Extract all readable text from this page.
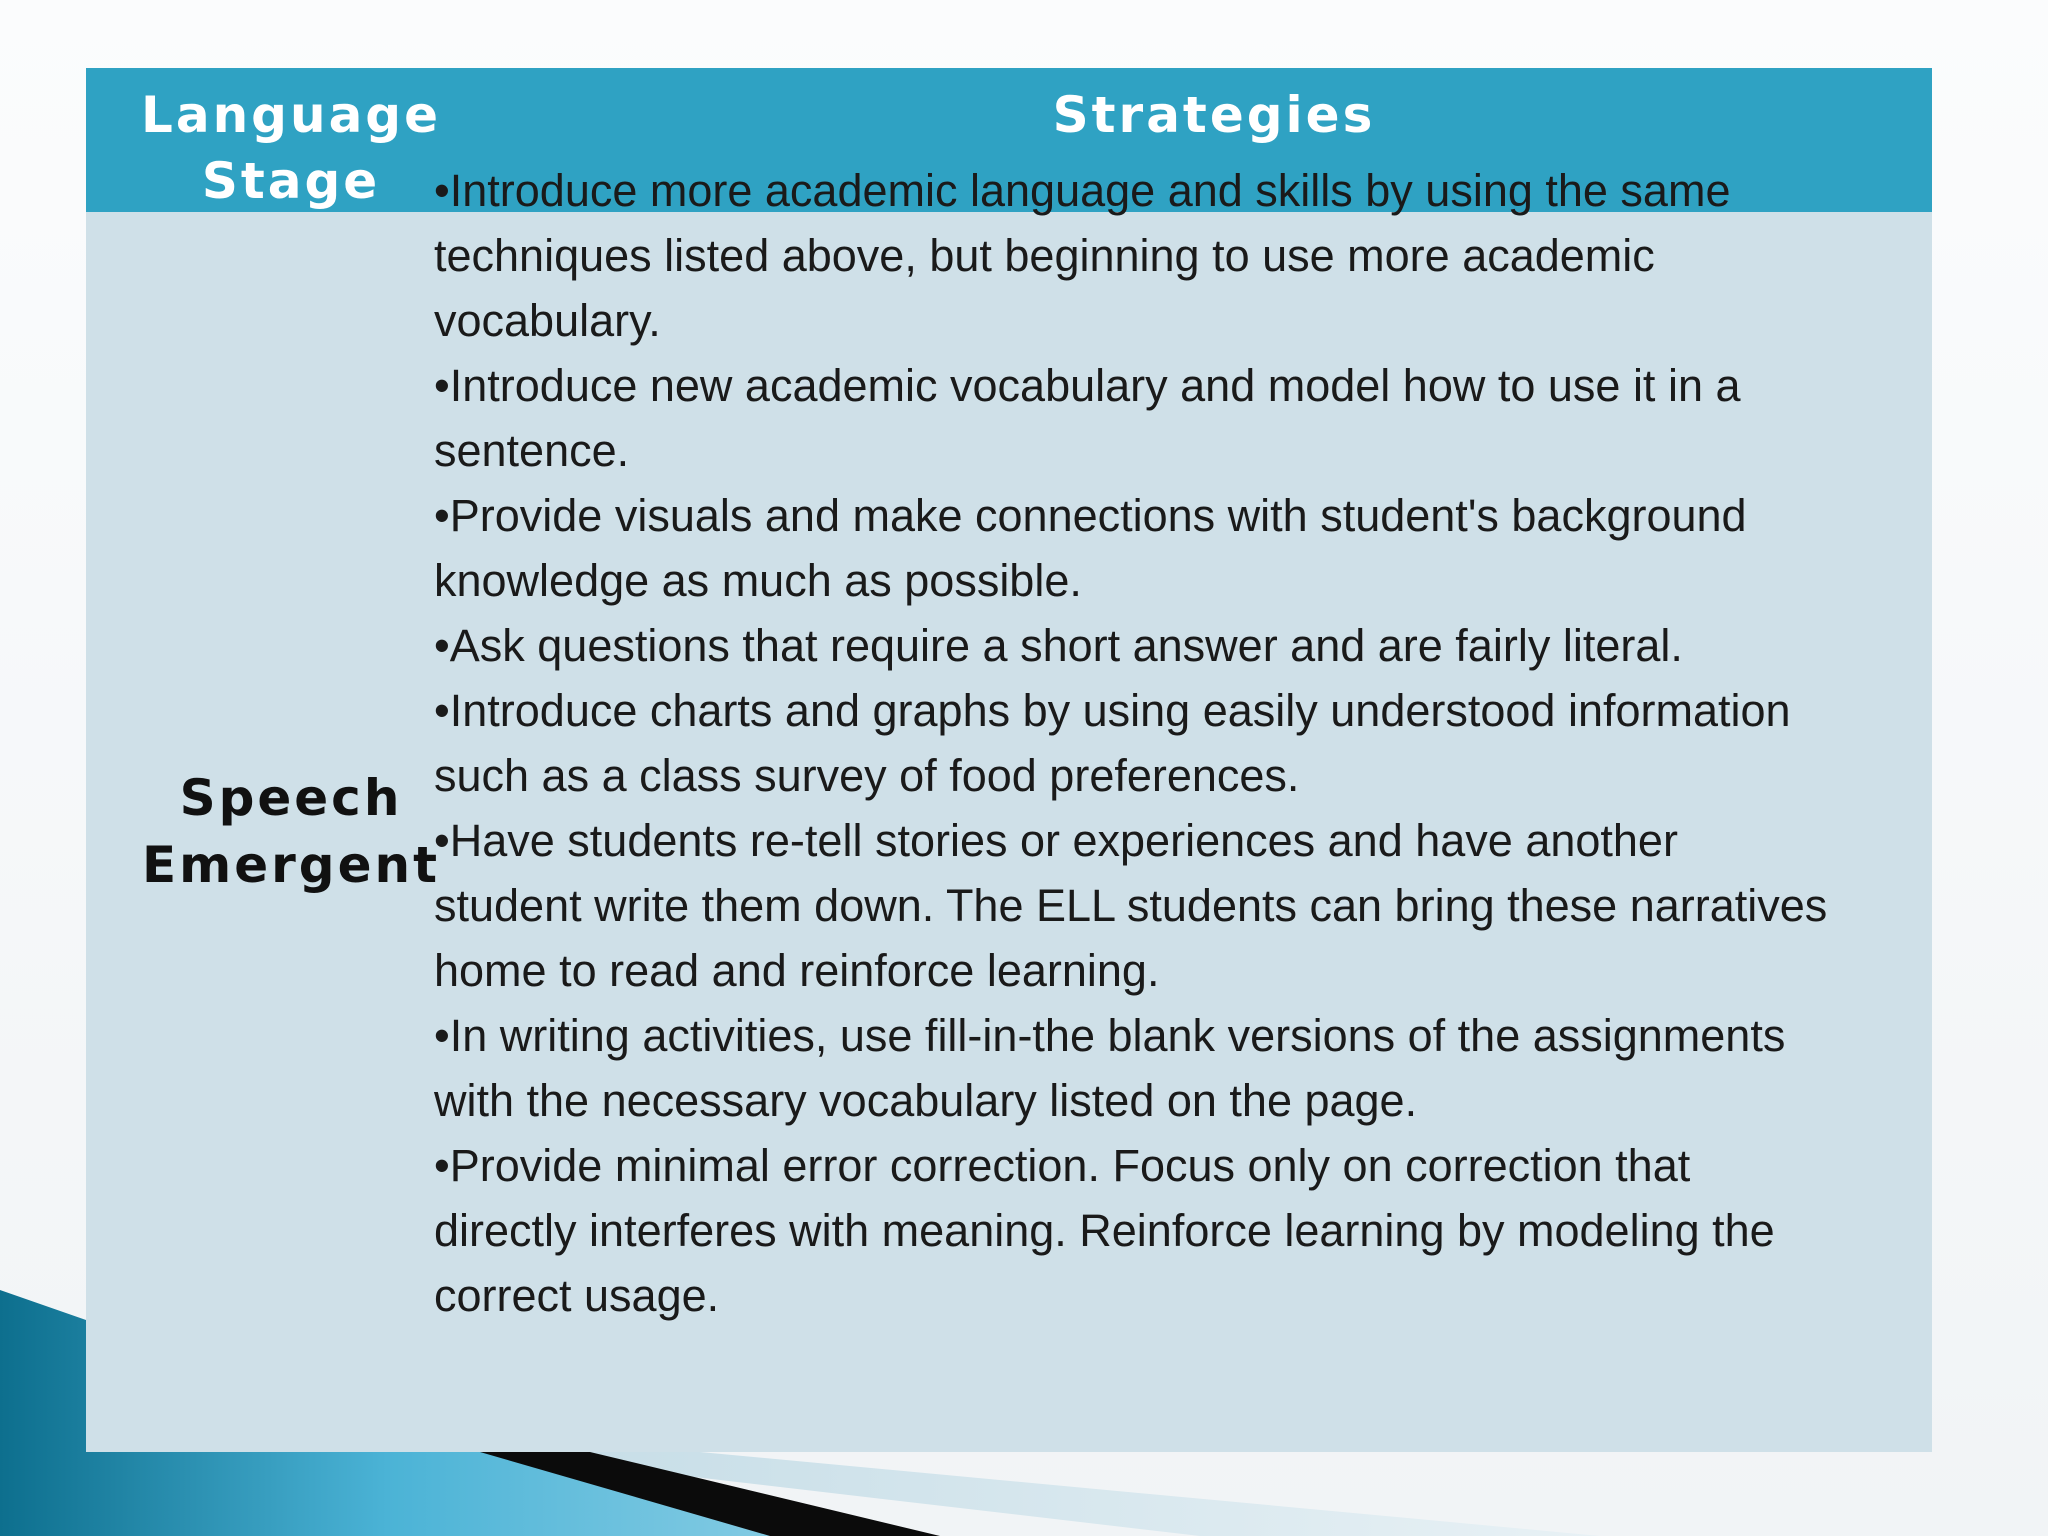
Language
Stage
Strategies
Speech
Emergent

•Introduce more academic language and skills by using the same techniques listed above, but beginning to use more academic vocabulary.

•Introduce new academic vocabulary and model how to use it in a sentence.

•Provide visuals and make connections with student's background knowledge as much as possible.

•Ask questions that require a short answer and are fairly literal.

•Introduce charts and graphs by using easily understood information such as a class survey of food preferences.

•Have students re-tell stories or experiences and have another student write them down. The ELL students can bring these narratives home to read and reinforce learning.

•In writing activities, use fill-in-the blank versions of the assignments with the necessary vocabulary listed on the page.

•Provide minimal error correction. Focus only on correction that directly interferes with meaning. Reinforce learning by modeling the correct usage.
